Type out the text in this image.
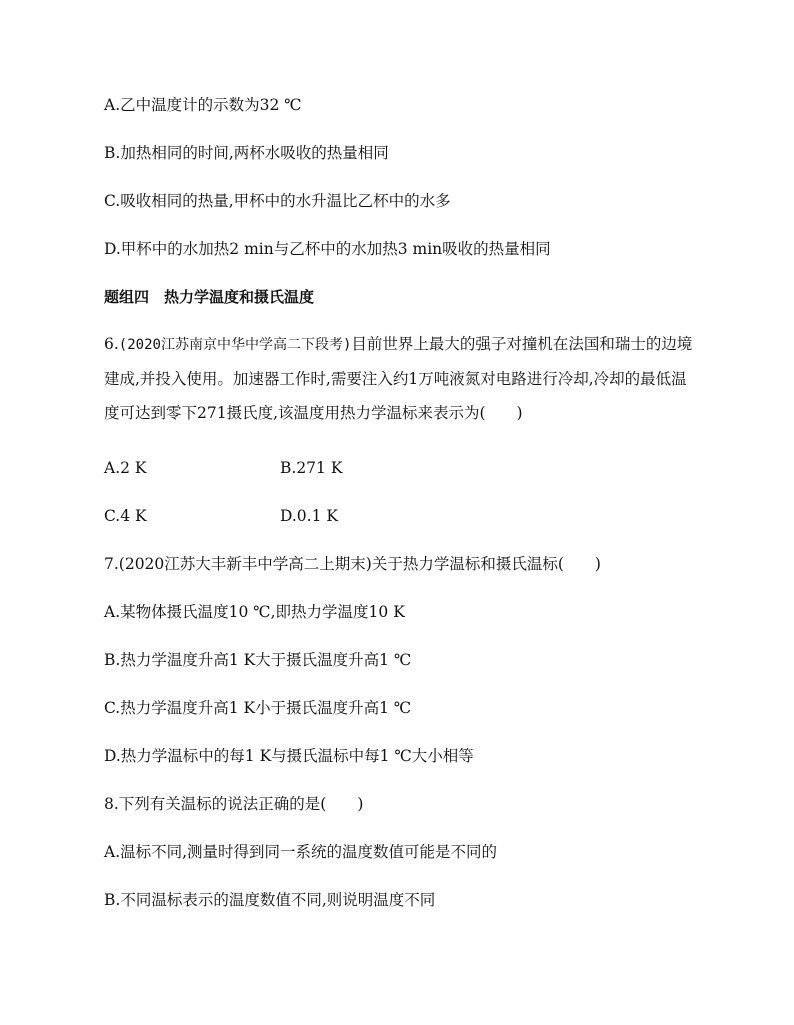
A.乙中温度计的示数为32 ℃
B.加热相同的时间,两杯水吸收的热量相同
C.吸收相同的热量,甲杯中的水升温比乙杯中的水多
D.甲杯中的水加热2 min与乙杯中的水加热3 min吸收的热量相同
题组四　热力学温度和摄氏温度
6.(2020江苏南京中华中学高二下段考)目前世界上最大的强子对撞机在法国和瑞士的边境建成,并投入使用。加速器工作时,需要注入约1万吨液氮对电路进行冷却,冷却的最低温度可达到零下271摄氏度,该温度用热力学温标来表示为(　　)
A.2 K	B.271 K
C.4 K	D.0.1 K
7.(2020江苏大丰新丰中学高二上期末)关于热力学温标和摄氏温标(　　)
A.某物体摄氏温度10 ℃,即热力学温度10 K
B.热力学温度升高1 K大于摄氏温度升高1 ℃
C.热力学温度升高1 K小于摄氏温度升高1 ℃
D.热力学温标中的每1 K与摄氏温标中每1 ℃大小相等
8.下列有关温标的说法正确的是(　　)
A.温标不同,测量时得到同一系统的温度数值可能是不同的
B.不同温标表示的温度数值不同,则说明温度不同
